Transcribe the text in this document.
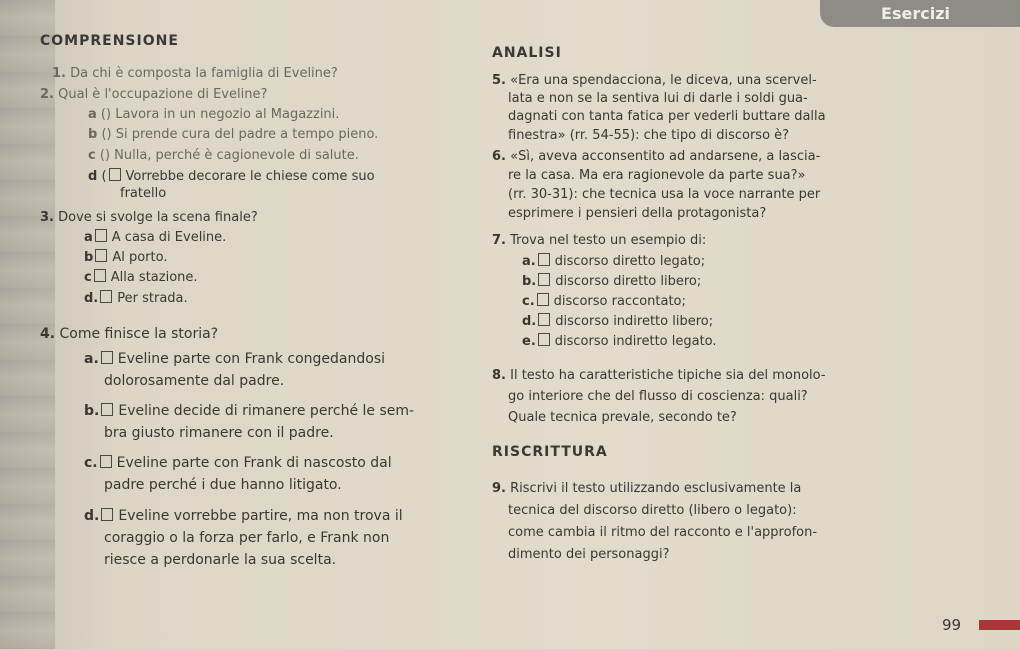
Esercizi
COMPRENSIONE
1. Da chi è composta la famiglia di Eveline?
2. Qual è l'occupazione di Eveline?
a () Lavora in un negozio al Magazzini.
b () Si prende cura del padre a tempo pieno.
c () Nulla, perché è cagionevole di salute.
d ( Vorrebbe decorare le chiese come suo
fratello
3. Dove si svolge la scena finale?
a A casa di Eveline.
b Al porto.
c Alla stazione.
d. Per strada.
4. Come finisce la storia?
a. Eveline parte con Frank congedandosi
dolorosamente dal padre.
b. Eveline decide di rimanere perché le sem-
bra giusto rimanere con il padre.
c. Eveline parte con Frank di nascosto dal
padre perché i due hanno litigato.
d. Eveline vorrebbe partire, ma non trova il
coraggio o la forza per farlo, e Frank non
riesce a perdonarle la sua scelta.
ANALISI
5. «Era una spendacciona, le diceva, una scervel-
lata e non se la sentiva lui di darle i soldi gua-
dagnati con tanta fatica per vederli buttare dalla
finestra» (rr. 54-55): che tipo di discorso è?
6. «Sì, aveva acconsentito ad andarsene, a lascia-
re la casa. Ma era ragionevole da parte sua?»
(rr. 30-31): che tecnica usa la voce narrante per
esprimere i pensieri della protagonista?
7. Trova nel testo un esempio di:
a. discorso diretto legato;
b. discorso diretto libero;
c. discorso raccontato;
d. discorso indiretto libero;
e. discorso indiretto legato.
8. Il testo ha caratteristiche tipiche sia del monolo-
go interiore che del flusso di coscienza: quali?
Quale tecnica prevale, secondo te?
RISCRITTURA
9. Riscrivi il testo utilizzando esclusivamente la
tecnica del discorso diretto (libero o legato):
come cambia il ritmo del racconto e l'approfon-
dimento dei personaggi?
99
